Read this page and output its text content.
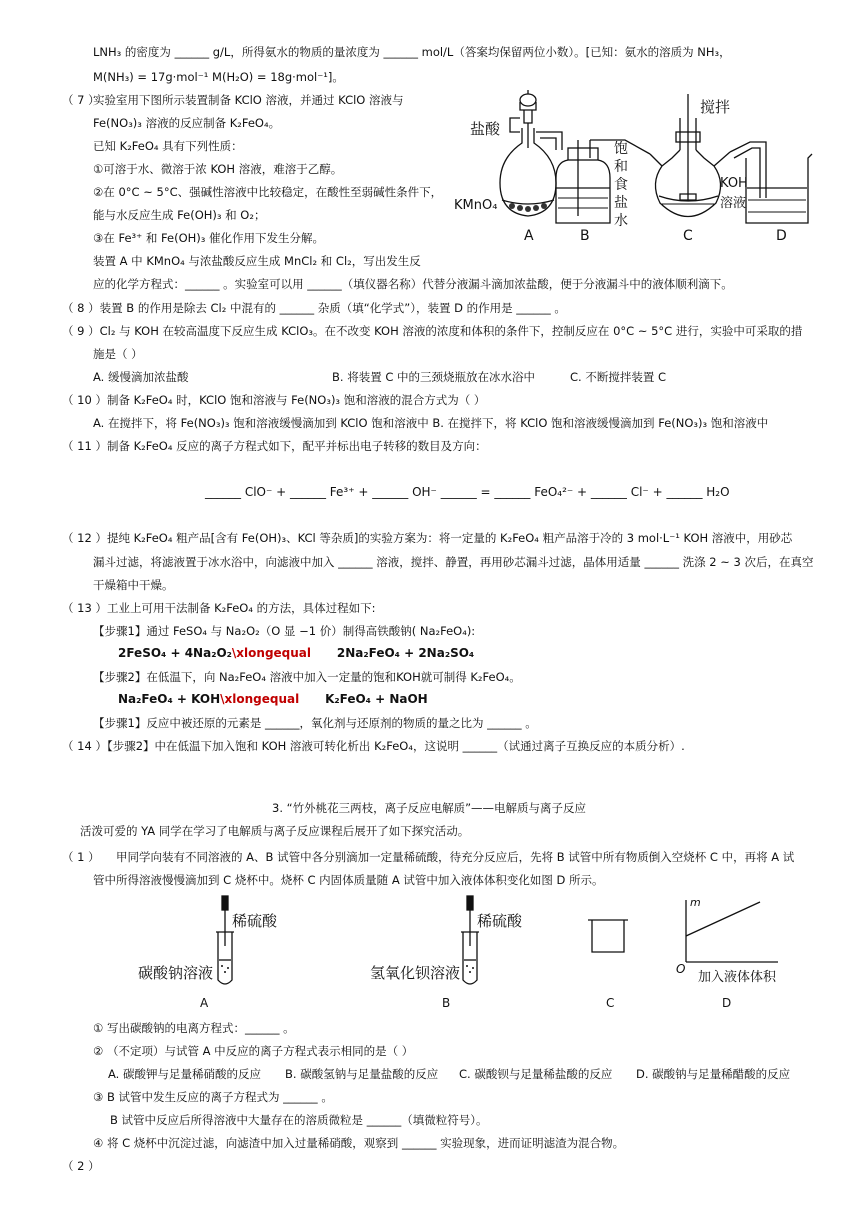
LNH₃ 的密度为 ______ g/L，所得氨水的物质的量浓度为 ______ mol/L（答案均保留两位小数）。[已知：氨水的溶质为 NH₃，
M(NH₃) = 17g·mol⁻¹ M(H₂O) = 18g·mol⁻¹]。
（ 7 ）
实验室用下图所示装置制备 KClO 溶液，并通过 KClO 溶液与
Fe(NO₃)₃ 溶液的反应制备 K₂FeO₄。
已知 K₂FeO₄ 具有下列性质：
①可溶于水、微溶于浓 KOH 溶液，难溶于乙醇。
②在 0°C ~ 5°C、强碱性溶液中比较稳定，在酸性至弱碱性条件下，
能与水反应生成 Fe(OH)₃ 和 O₂；
③在 Fe³⁺ 和 Fe(OH)₃ 催化作用下发生分解。
装置 A 中 KMnO₄ 与浓盐酸反应生成 MnCl₂ 和 Cl₂，写出发生反
应的化学方程式：______ 。实验室可以用 ______（填仪器名称）代替分液漏斗滴加浓盐酸，便于分液漏斗中的液体顺利滴下。
盐酸
KMnO₄
饱
和
食
盐
水
搅拌
KOH
溶液
A	B	C	D
（ 8 ）装置 B 的作用是除去 Cl₂ 中混有的 ______ 杂质（填“化学式”），装置 D 的作用是 ______ 。
（ 9 ）Cl₂ 与 KOH 在较高温度下反应生成 KClO₃。在不改变 KOH 溶液的浓度和体积的条件下，控制反应在 0°C ~ 5°C 进行，实验中可采取的措
施是（ ）
A. 缓慢滴加浓盐酸	B. 将装置 C 中的三颈烧瓶放在冰水浴中	C. 不断搅拌装置 C
（ 10 ）制备 K₂FeO₄ 时，KClO 饱和溶液与 Fe(NO₃)₃ 饱和溶液的混合方式为（ ）
A. 在搅拌下，将 Fe(NO₃)₃ 饱和溶液缓慢滴加到 KClO 饱和溶液中 B. 在搅拌下，将 KClO 饱和溶液缓慢滴加到 Fe(NO₃)₃ 饱和溶液中
（ 11 ）制备 K₂FeO₄ 反应的离子方程式如下，配平并标出电子转移的数目及方向：
______ ClO⁻ + ______ Fe³⁺ + ______ OH⁻ ______ = ______ FeO₄²⁻ + ______ Cl⁻ + ______ H₂O
（ 12 ）提纯 K₂FeO₄ 粗产品[含有 Fe(OH)₃、KCl 等杂质]的实验方案为：将一定量的 K₂FeO₄ 粗产品溶于冷的 3 mol·L⁻¹ KOH 溶液中，用砂芯
漏斗过滤，将滤液置于冰水浴中，向滤液中加入 ______ 溶液，搅拌、静置，再用砂芯漏斗过滤，晶体用适量 ______ 洗涤 2 ~ 3 次后，在真空
干燥箱中干燥。
（ 13 ）工业上可用干法制备 K₂FeO₄ 的方法，具体过程如下:
【步骤1】通过 FeSO₄ 与 Na₂O₂（O 显 −1 价）制得高铁酸钠( Na₂FeO₄):
2FeSO₄ + 4Na₂O₂\xlongequal 2Na₂FeO₄ + 2Na₂SO₄
【步骤2】在低温下，向 Na₂FeO₄ 溶液中加入一定量的饱和KOH就可制得 K₂FeO₄。
Na₂FeO₄ + KOH\xlongequal K₂FeO₄ + NaOH
【步骤1】反应中被还原的元素是 ______，氧化剂与还原剂的物质的量之比为 ______ 。
（ 14 ）【步骤2】中在低温下加入饱和 KOH 溶液可转化析出 K₂FeO₄，这说明 ______（试通过离子互换反应的本质分析）.
3. “竹外桃花三两枝，离子反应电解质”——电解质与离子反应
活泼可爱的 YA 同学在学习了电解质与离子反应课程后展开了如下探究活动。
（ 1 ） 甲同学向装有不同溶液的 A、B 试管中各分别滴加一定量稀硫酸，待充分反应后，先将 B 试管中所有物质倒入空烧杯 C 中，再将 A 试
管中所得溶液慢慢滴加到 C 烧杯中。烧杯 C 内固体质量随 A 试管中加入液体体积变化如图 D 所示。
稀硫酸	稀硫酸
碳酸钠溶液	氢氧化钡溶液
m
O
加入液体体积
A	B	C	D
① 写出碳酸钠的电离方程式：______ 。
② （不定项）与试管 A 中反应的离子方程式表示相同的是（ ）
A. 碳酸钾与足量稀硝酸的反应 B. 碳酸氢钠与足量盐酸的反应 C. 碳酸钡与足量稀盐酸的反应 D. 碳酸钠与足量稀醋酸的反应
③ B 试管中发生反应的离子方程式为 ______ 。
B 试管中反应后所得溶液中大量存在的溶质微粒是 ______（填微粒符号）。
④ 将 C 烧杯中沉淀过滤，向滤渣中加入过量稀硝酸，观察到 ______ 实验现象，进而证明滤渣为混合物。
（ 2 ）
